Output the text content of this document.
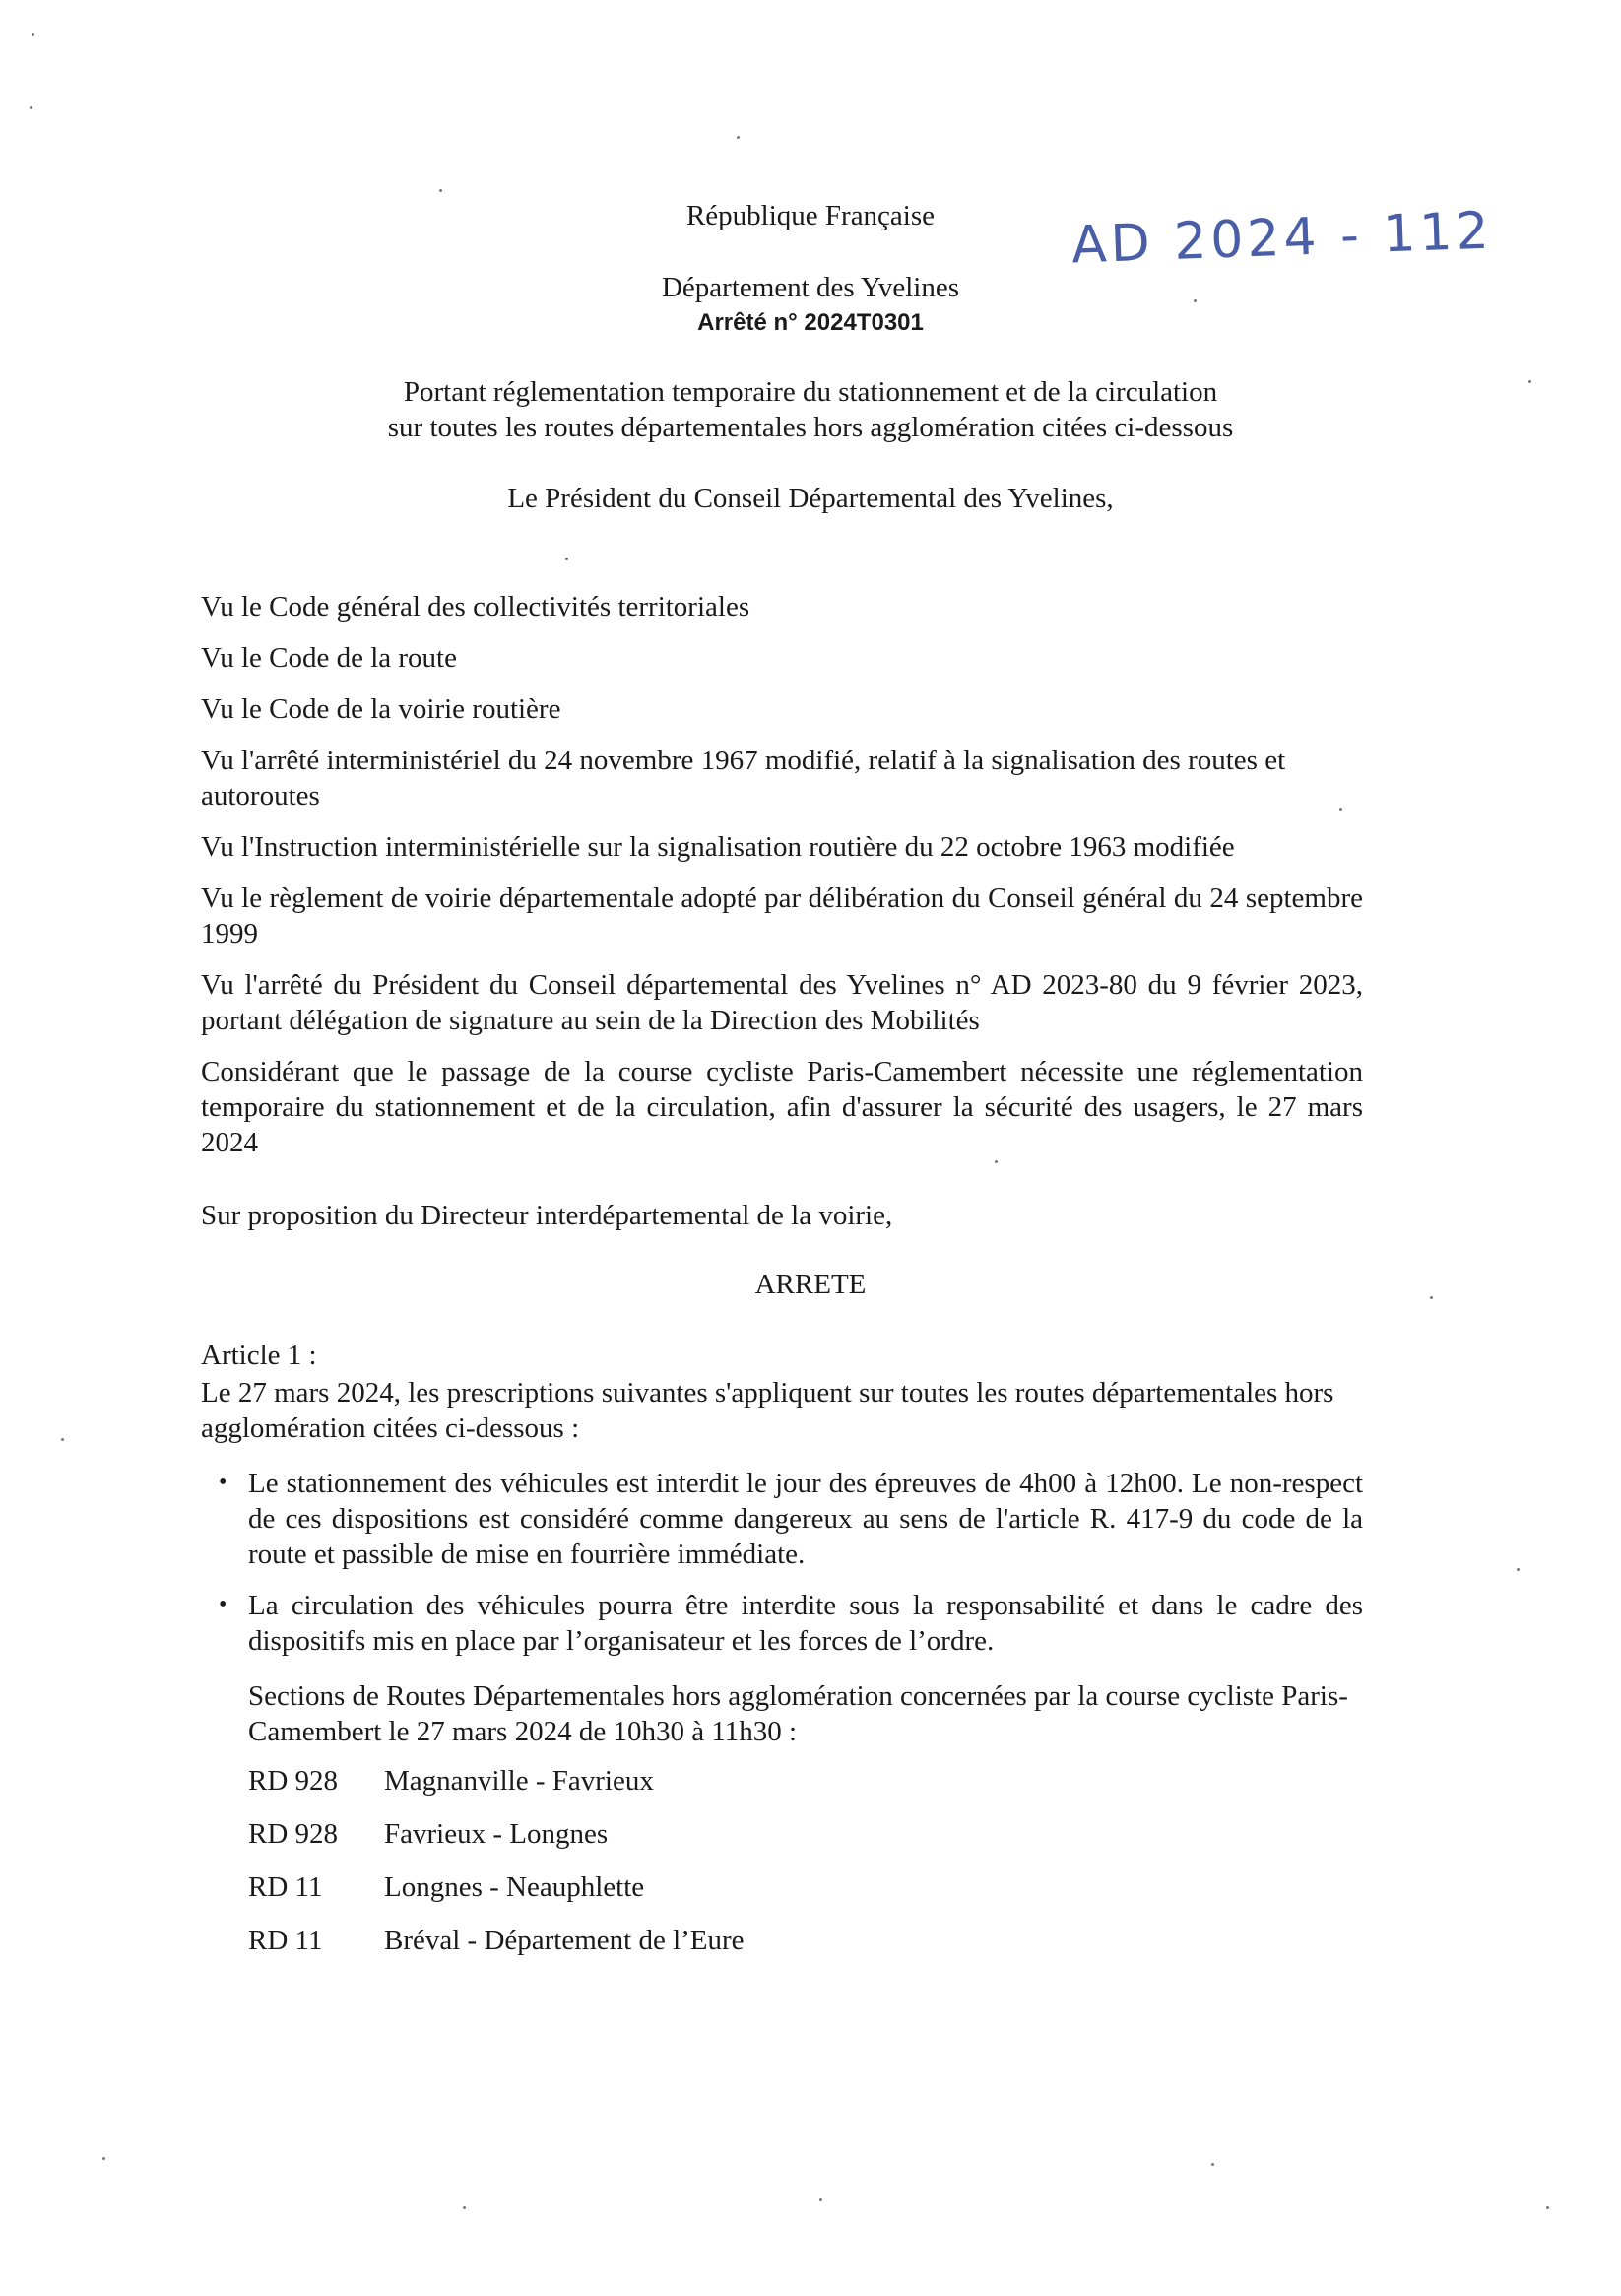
République Française
Département des Yvelines
Arrêté n° 2024T0301
AD 2024 - 112
Portant réglementation temporaire du stationnement et de la circulation
sur toutes les routes départementales hors agglomération citées ci-dessous
Le Président du Conseil Départemental des Yvelines,

Vu le Code général des collectivités territoriales

Vu le Code de la route

Vu le Code de la voirie routière

Vu l'arrêté interministériel du 24 novembre 1967 modifié, relatif à la signalisation des routes et autoroutes

Vu l'Instruction interministérielle sur la signalisation routière du 22 octobre 1963 modifiée

Vu le règlement de voirie départementale adopté par délibération du Conseil général du 24 septembre 1999

Vu l'arrêté du Président du Conseil départemental des Yvelines n° AD 2023-80 du 9 février 2023, portant délégation de signature au sein de la Direction des Mobilités

Considérant que le passage de la course cycliste Paris-Camembert nécessite une réglementation temporaire du stationnement et de la circulation, afin d'assurer la sécurité des usagers, le 27 mars 2024

Sur proposition du Directeur interdépartemental de la voirie,

ARRETE
Article 1 :

Le 27 mars 2024, les prescriptions suivantes s'appliquent sur toutes les routes départementales hors agglomération citées ci-dessous :

• Le stationnement des véhicules est interdit le jour des épreuves de 4h00 à 12h00. Le non-respect de ces dispositions est considéré comme dangereux au sens de l'article R. 417-9 du code de la route et passible de mise en fourrière immédiate.

• La circulation des véhicules pourra être interdite sous la responsabilité et dans le cadre des dispositifs mis en place par l’organisateur et les forces de l’ordre.

Sections de Routes Départementales hors agglomération concernées par la course cycliste Paris-Camembert le 27 mars 2024 de 10h30 à 11h30 :

RD 928 Magnanville - Favrieux
RD 928 Favrieux - Longnes
RD 11 Longnes - Neauphlette
RD 11 Bréval - Département de l’Eure
